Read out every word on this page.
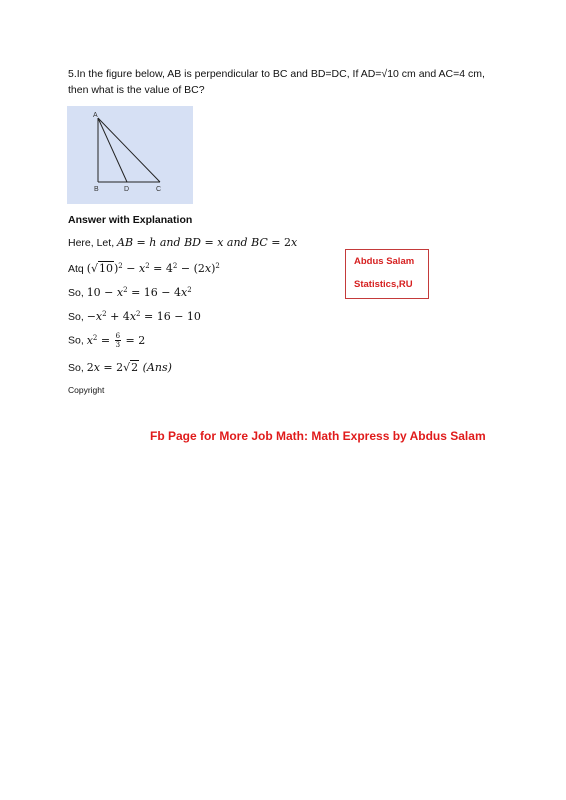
5.In the figure below, AB is perpendicular to BC and BD=DC, If AD=√10 cm and AC=4 cm,
then what is the value of BC?
A
B	D	C
Answer with Explanation
Here, Let, AB = h and BD = x and BC = 2x
Atq $(√10)^2 - x^2 = 4^2 - (2x)^2$
So, $10 - x^2 = 16 - 4x^2$
So, $-x^2 + 4x^2 = 16 - 10$
So, $x^2 = \frac{6}{3} = 2$
So, 2x = 2√2 (Ans)
Abdus Salam
Statistics,RU
Copyright
Fb Page for More Job Math: Math Express by Abdus Salam
